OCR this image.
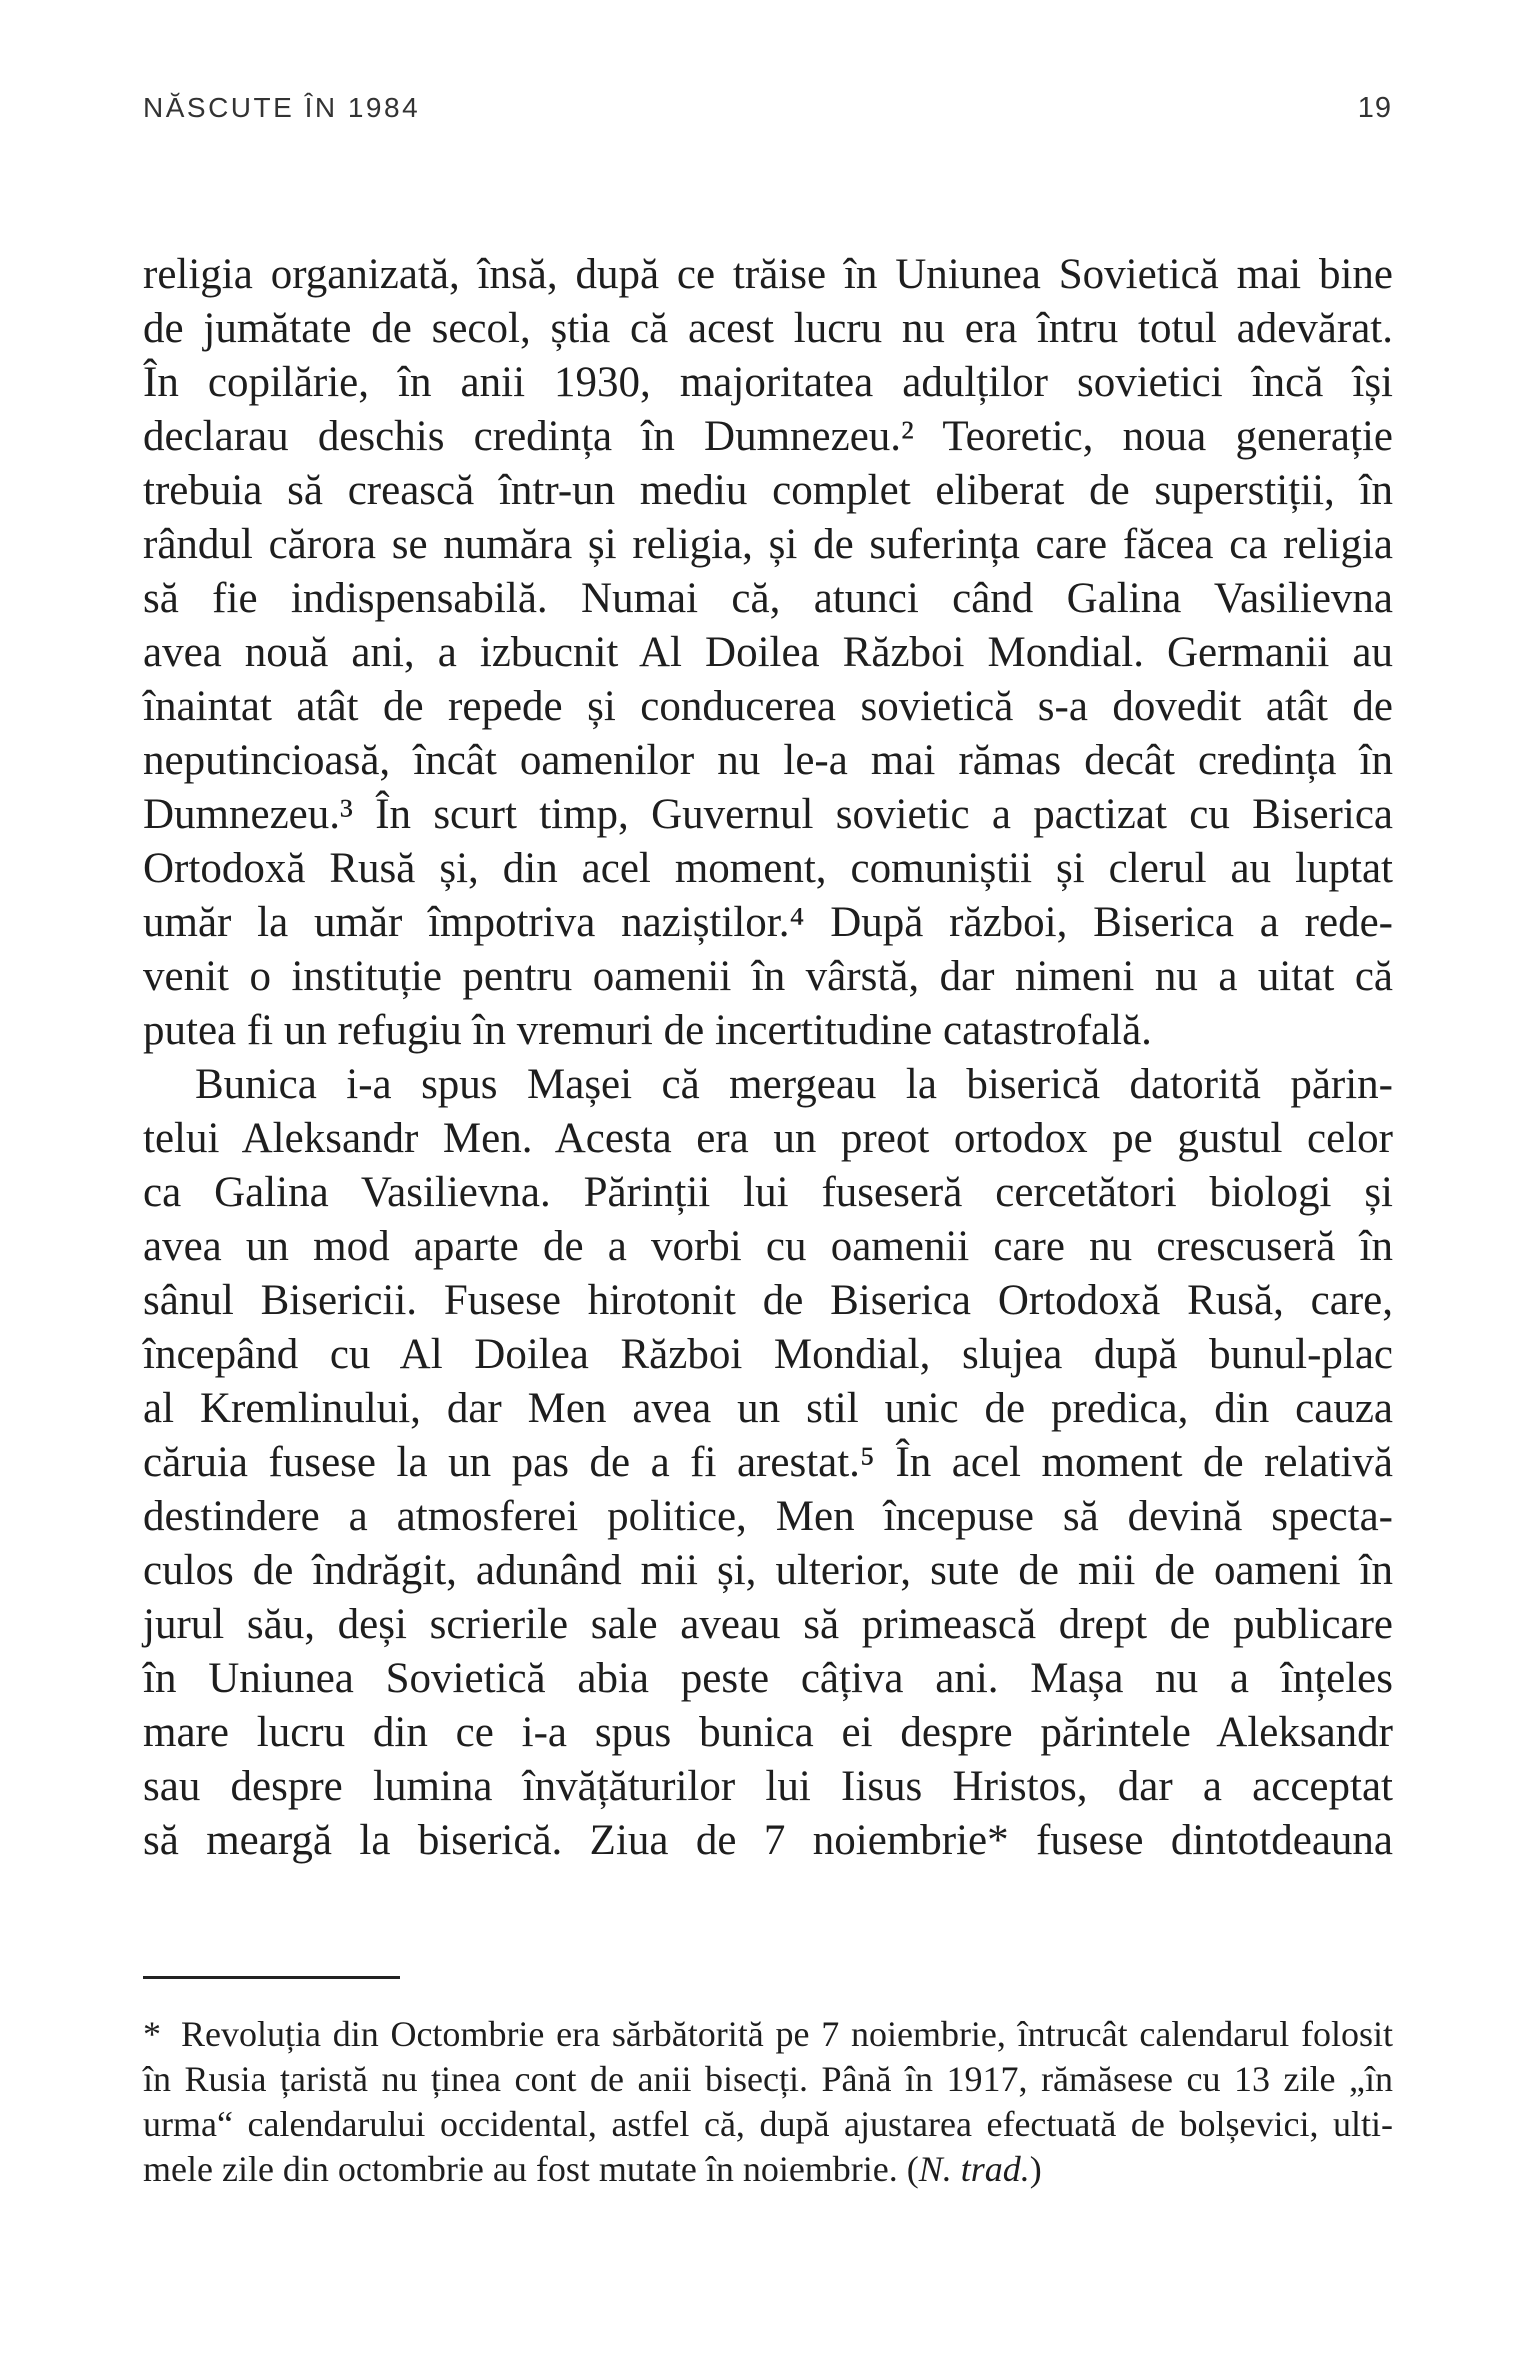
NĂSCUTE ÎN 1984	19
religia organizată, însă, după ce trăise în Uniunea Sovietică mai bine
de jumătate de secol, știa că acest lucru nu era întru totul adevărat.
În copilărie, în anii 1930, majoritatea adulților sovietici încă își
declarau deschis credința în Dumnezeu.² Teoretic, noua generație
trebuia să crească într-un mediu complet eliberat de superstiții, în
rândul cărora se număra și religia, și de suferința care făcea ca religia
să fie indispensabilă. Numai că, atunci când Galina Vasilievna
avea nouă ani, a izbucnit Al Doilea Război Mondial. Germanii au
înaintat atât de repede și conducerea sovietică s-a dovedit atât de
neputincioasă, încât oamenilor nu le-a mai rămas decât credința în
Dumnezeu.³ În scurt timp, Guvernul sovietic a pactizat cu Biserica
Ortodoxă Rusă și, din acel moment, comuniștii și clerul au luptat
umăr la umăr împotriva naziștilor.⁴ După război, Biserica a rede-
venit o instituție pentru oamenii în vârstă, dar nimeni nu a uitat că
putea fi un refugiu în vremuri de incertitudine catastrofală.
Bunica i-a spus Mașei că mergeau la biserică datorită părin-
telui Aleksandr Men. Acesta era un preot ortodox pe gustul celor
ca Galina Vasilievna. Părinții lui fuseseră cercetători biologi și
avea un mod aparte de a vorbi cu oamenii care nu crescuseră în
sânul Bisericii. Fusese hirotonit de Biserica Ortodoxă Rusă, care,
începând cu Al Doilea Război Mondial, slujea după bunul-plac
al Kremlinului, dar Men avea un stil unic de predica, din cauza
căruia fusese la un pas de a fi arestat.⁵ În acel moment de relativă
destindere a atmosferei politice, Men începuse să devină specta-
culos de îndrăgit, adunând mii și, ulterior, sute de mii de oameni în
jurul său, deși scrierile sale aveau să primească drept de publicare
în Uniunea Sovietică abia peste câțiva ani. Mașa nu a înțeles
mare lucru din ce i-a spus bunica ei despre părintele Aleksandr
sau despre lumina învățăturilor lui Iisus Hristos, dar a acceptat
să meargă la biserică. Ziua de 7 noiembrie* fusese dintotdeauna
* Revoluția din Octombrie era sărbătorită pe 7 noiembrie, întrucât calendarul folosit
în Rusia țaristă nu ținea cont de anii bisecți. Până în 1917, rămăsese cu 13 zile „în
urma“ calendarului occidental, astfel că, după ajustarea efectuată de bolșevici, ulti-
mele zile din octombrie au fost mutate în noiembrie. (N. trad.)
